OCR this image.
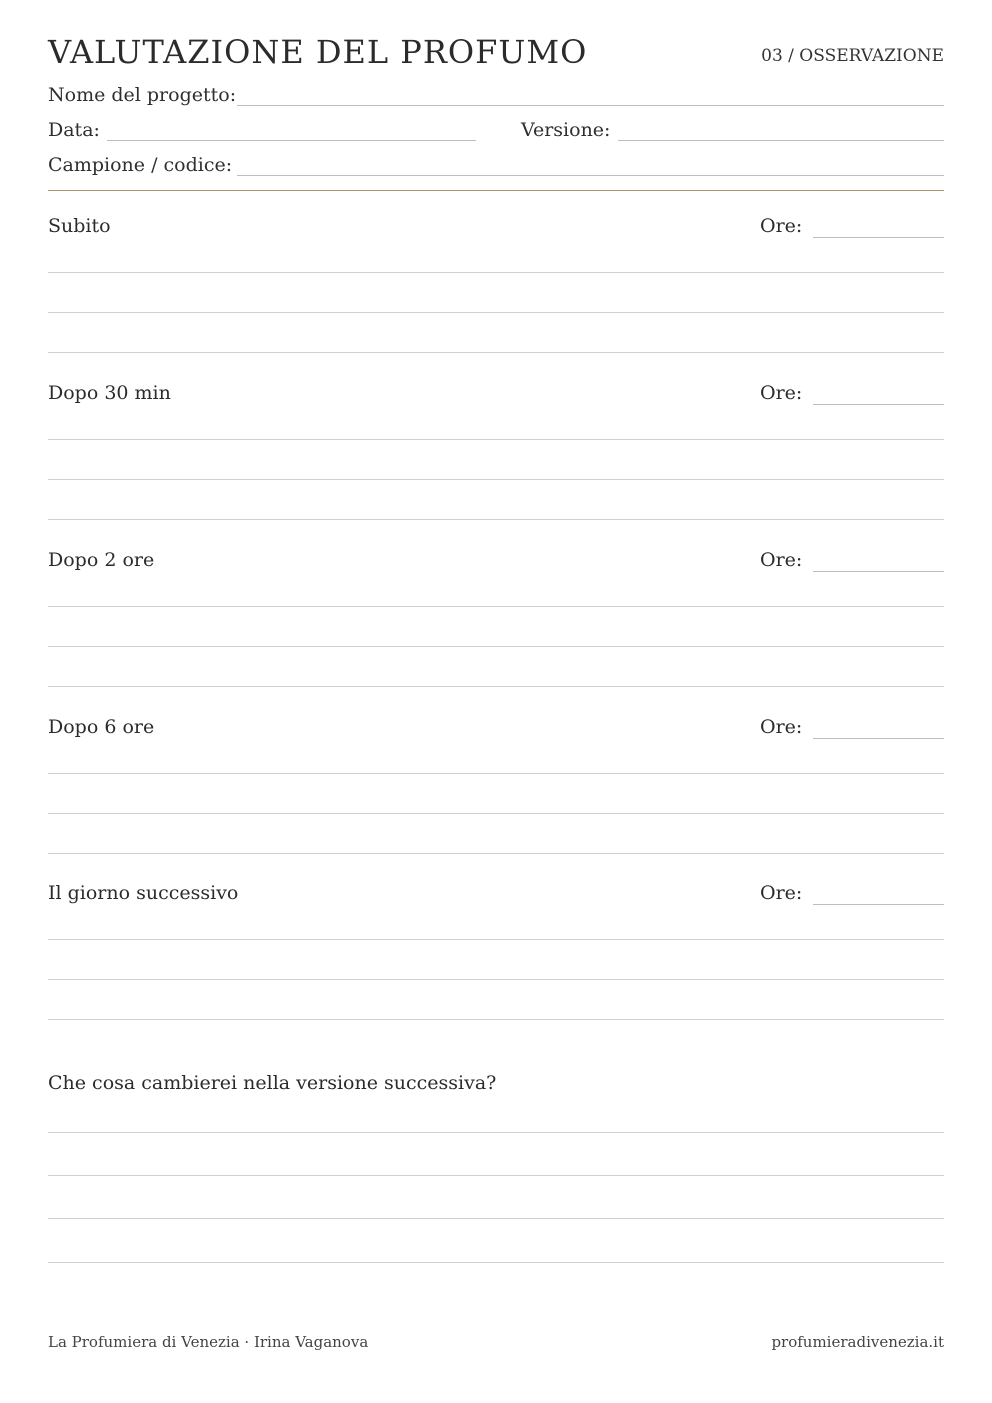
VALUTAZIONE DEL PROFUMO	03 / OSSERVAZIONE
Nome del progetto:
Data:	Versione:
Campione / codice:
Subito	Ore:
Dopo 30 min	Ore:
Dopo 2 ore	Ore:
Dopo 6 ore	Ore:
Il giorno successivo	Ore:
Che cosa cambierei nella versione successiva?
La Profumiera di Venezia · Irina Vaganova	profumieradivenezia.it
